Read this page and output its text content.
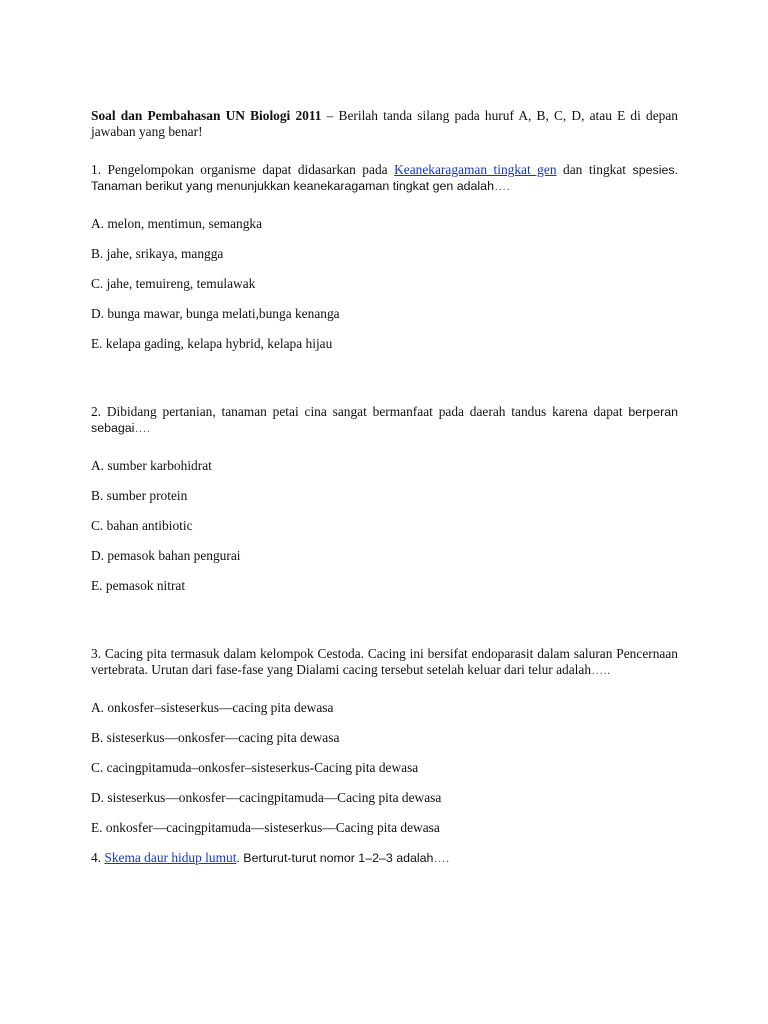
Soal dan Pembahasan UN Biologi 2011 – Berilah tanda silang pada huruf A, B, C, D, atau E di depan jawaban yang benar!

1. Pengelompokan organisme dapat didasarkan pada Keanekaragaman tingkat gen dan tingkat spesies. Tanaman berikut yang menunjukkan keanekaragaman tingkat gen adalah….

A. melon, mentimun, semangka

B. jahe, srikaya, mangga

C. jahe, temuireng, temulawak

D. bunga mawar, bunga melati,bunga kenanga

E. kelapa gading, kelapa hybrid, kelapa hijau

2. Dibidang pertanian, tanaman petai cina sangat bermanfaat pada daerah tandus karena dapat berperan sebagai….

A. sumber karbohidrat

B. sumber protein

C. bahan antibiotic

D. pemasok bahan pengurai

E. pemasok nitrat

3. Cacing pita termasuk dalam kelompok Cestoda. Cacing ini bersifat endoparasit dalam saluran Pencernaan vertebrata. Urutan dari fase-fase yang Dialami cacing tersebut setelah keluar dari telur adalah…..

A. onkosfer–sisteserkus—cacing pita dewasa

B. sisteserkus—onkosfer—cacing pita dewasa

C. cacingpitamuda–onkosfer–sisteserkus-Cacing pita dewasa

D. sisteserkus—onkosfer—cacingpitamuda—Cacing pita dewasa

E. onkosfer—cacingpitamuda—sisteserkus—Cacing pita dewasa

4. Skema daur hidup lumut. Berturut-turut nomor 1–2–3 adalah….
